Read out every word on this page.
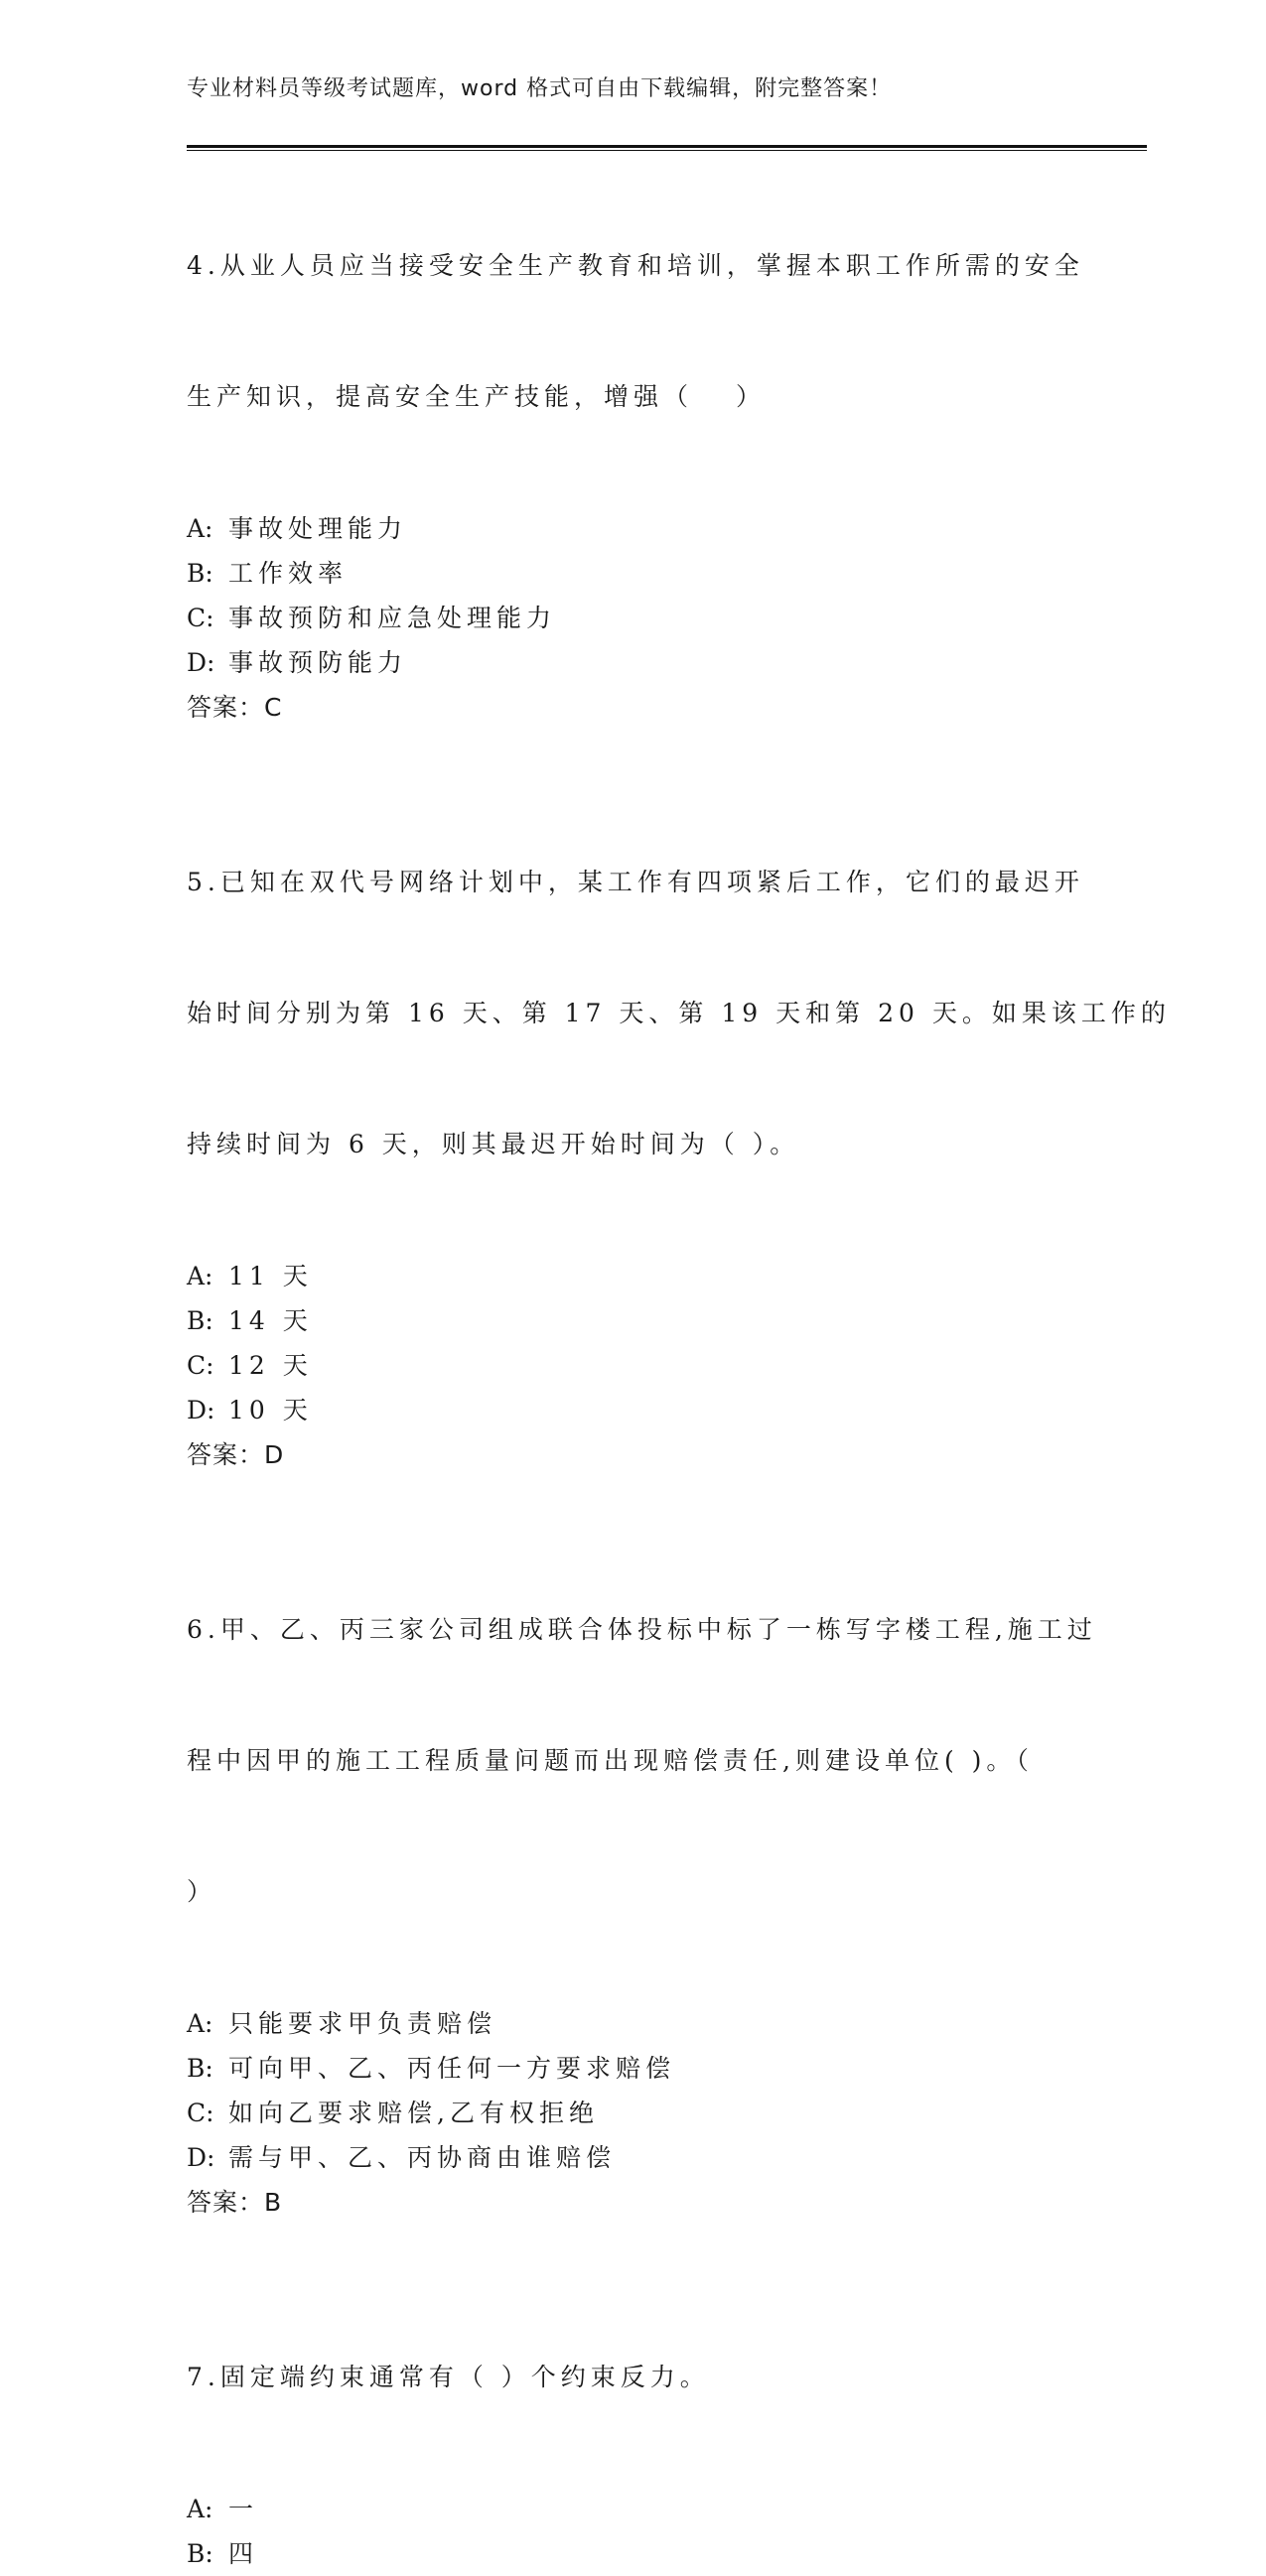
专业材料员等级考试题库，word 格式可自由下载编辑，附完整答案！

4.从业人员应当接受安全生产教育和培训，掌握本职工作所需的安全

生产知识，提高安全生产技能，增强（　 ）

A: 事故处理能力
B: 工作效率
C: 事故预防和应急处理能力
D: 事故预防能力
答案：C

5.已知在双代号网络计划中，某工作有四项紧后工作，它们的最迟开

始时间分别为第 16 天、第 17 天、第 19 天和第 20 天。如果该工作的

持续时间为 6 天，则其最迟开始时间为（ ）。

A: 11 天
B: 14 天
C: 12 天
D: 10 天
答案：D

6.甲、乙、丙三家公司组成联合体投标中标了一栋写字楼工程,施工过

程中因甲的施工工程质量问题而出现赔偿责任,则建设单位( )。（

）

A: 只能要求甲负责赔偿
B: 可向甲、乙、丙任何一方要求赔偿
C: 如向乙要求赔偿,乙有权拒绝
D: 需与甲、乙、丙协商由谁赔偿
答案：B

7.固定端约束通常有（ ）个约束反力。

A: 一
B: 四
